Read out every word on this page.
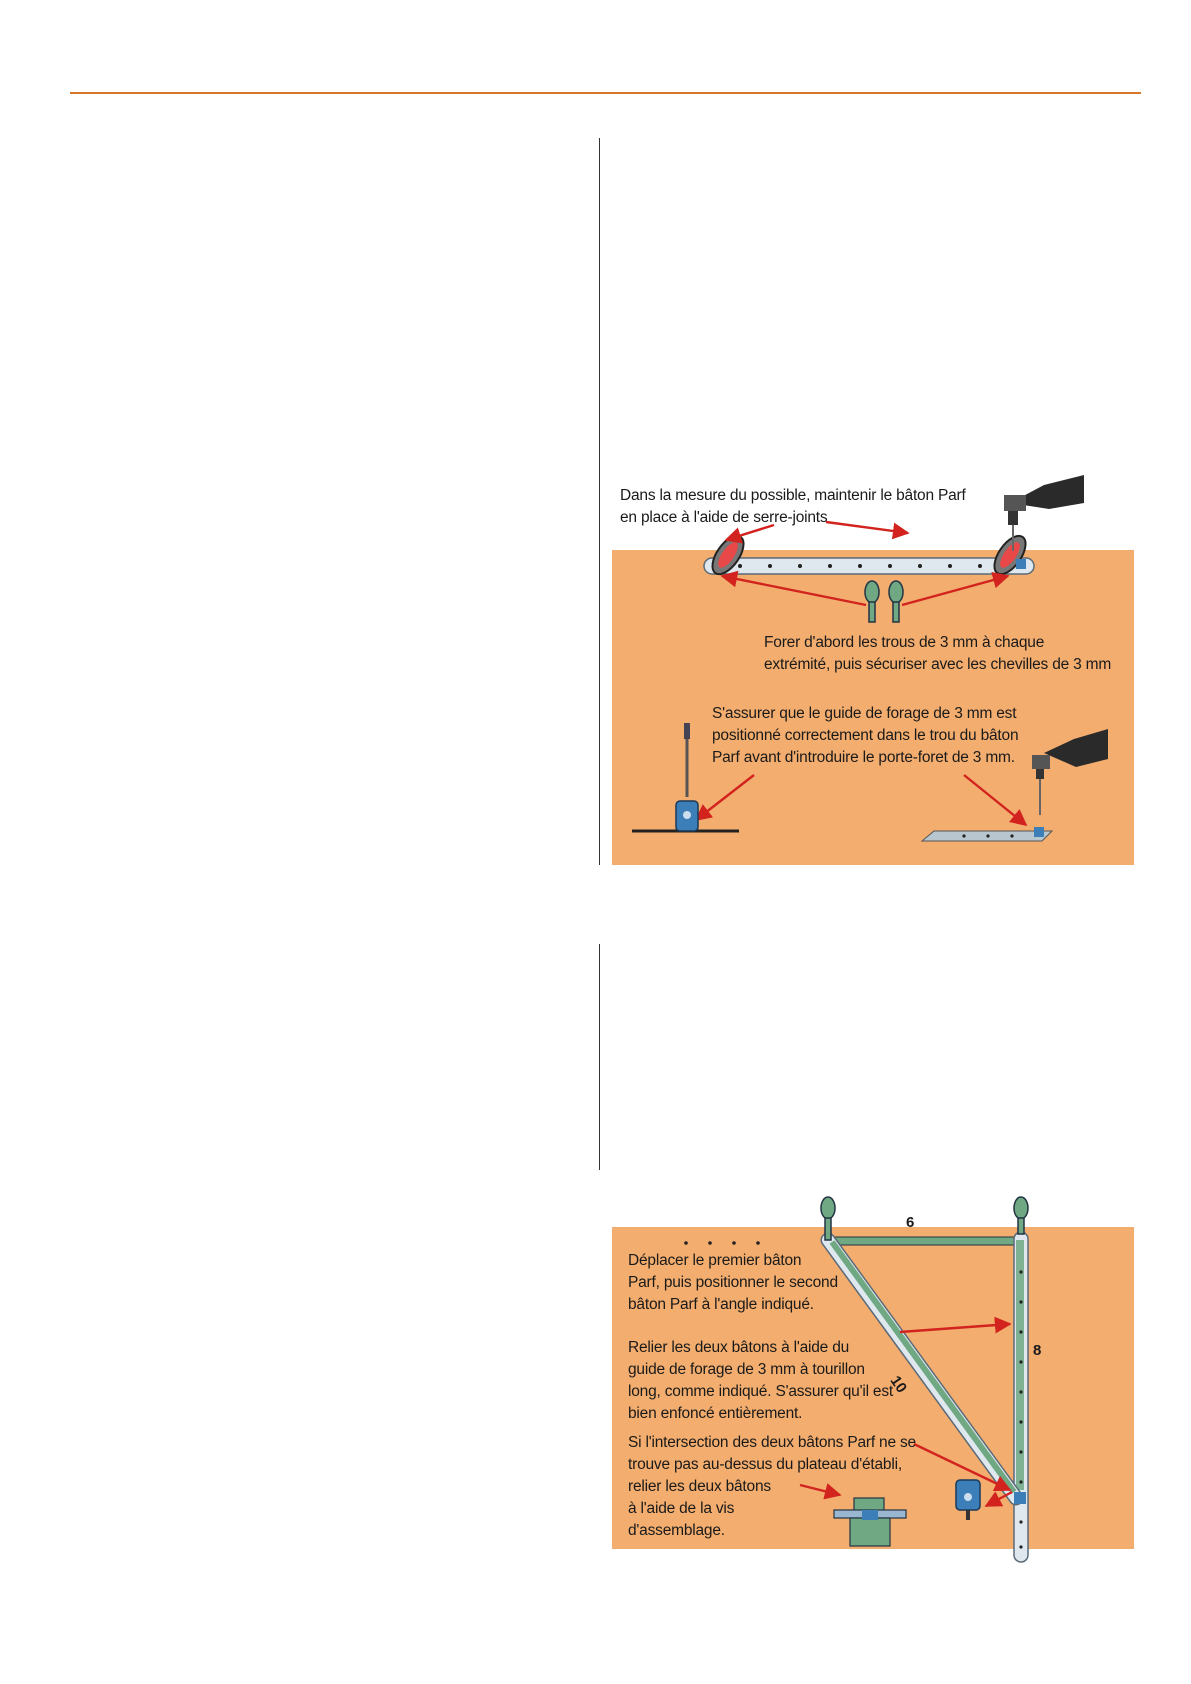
Dans la mesure du possible, maintenir le bâton Parf
en place à l'aide de serre-joints

Forer d'abord les trous de 3 mm à chaque
extrémité, puis sécuriser avec les chevilles de 3 mm

S'assurer que le guide de forage de 3 mm est
positionné correctement dans le trou du bâton
Parf avant d'introduire le porte-foret de 3 mm.

6
8
10

Déplacer le premier bâton
Parf, puis positionner le second
bâton Parf à l'angle indiqué.

Relier les deux bâtons à l'aide du
guide de forage de 3 mm à tourillon
long, comme indiqué. S'assurer qu'il est
bien enfoncé entièrement.

Si l'intersection des deux bâtons Parf ne se
trouve pas au-dessus du plateau d'établi,
relier les deux bâtons
à l'aide de la vis
d'assemblage.
